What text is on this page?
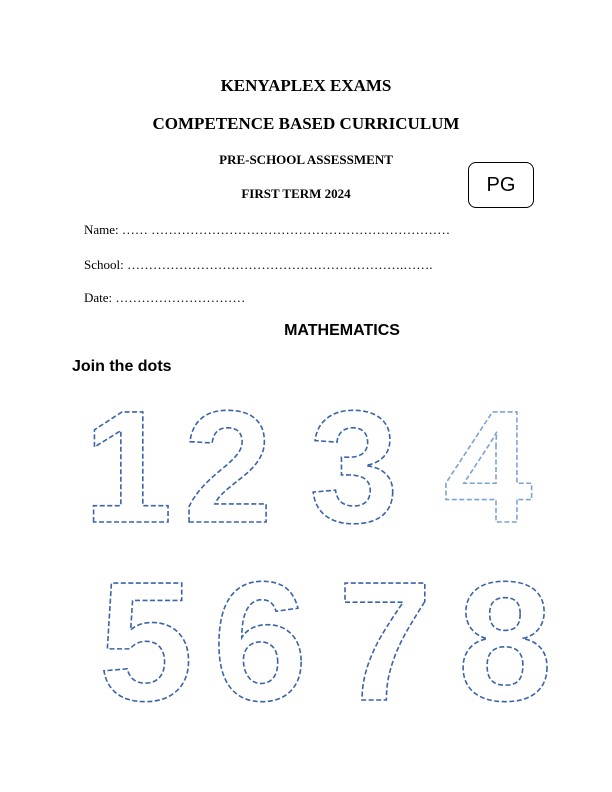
KENYAPLEX EXAMS
COMPETENCE BASED CURRICULUM
PRE-SCHOOL ASSESSMENT
FIRST TERM 2024	PG
Name: …… ……………………………………………………………
School: ……………………………………………………….…….
Date: …………………………
MATHEMATICS
Join the dots
1 2 3 4
5 6 7 8
